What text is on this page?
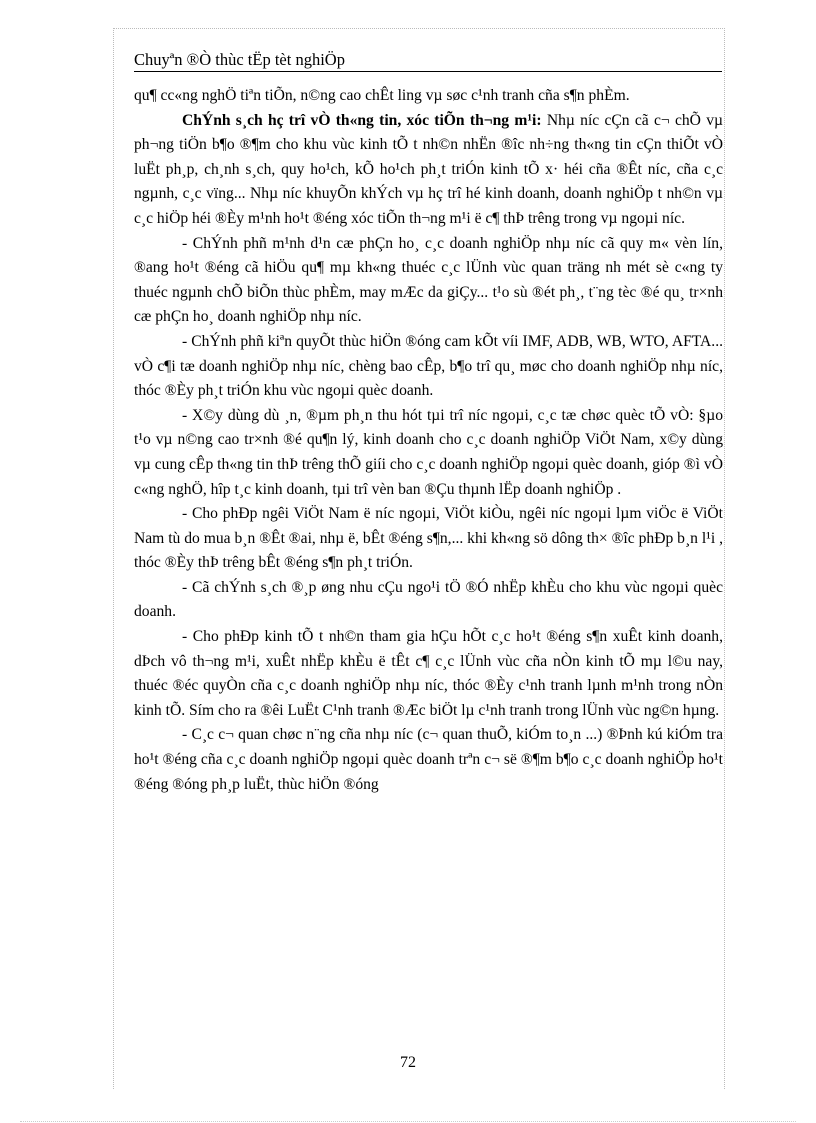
Chuyªn ®Ò thùc tËp tèt nghiÖp

qu¶ cc«ng nghÖ tiªn tiÕn, n©ng cao chÊt ling vµ søc c¹nh tranh cña s¶n phÈm.

ChÝnh s¸ch hç trî vÒ th«ng tin, xóc tiÕn th¬ng m¹i: Nhµ níc cÇn cã c¬ chÕ vµ ph¬ng tiÖn b¶o ®¶m cho khu vùc kinh tÕ t nh©n nhËn ®îc nh÷ng th«ng tin cÇn thiÕt vÒ luËt ph¸p, ch¸nh s¸ch, quy ho¹ch, kÕ ho¹ch ph¸t triÓn kinh tÕ x· héi cña ®Êt níc, cña c¸c ngµnh, c¸c vïng... Nhµ níc khuyÕn khÝch vµ hç trî hé kinh doanh, doanh nghiÖp t nh©n vµ c¸c hiÖp héi ®Èy m¹nh ho¹t ®éng xóc tiÕn th¬ng m¹i ë c¶ thÞ trêng trong vµ ngoµi níc.

- ChÝnh phñ m¹nh d¹n cæ phÇn ho¸ c¸c doanh nghiÖp nhµ níc cã quy m« vèn lín, ®ang ho¹t ®éng cã hiÖu qu¶ mµ kh«ng thuéc c¸c lÜnh vùc quan träng nh mét sè c«ng ty thuéc ngµnh chÕ biÕn thùc phÈm, may mÆc da giÇy... t¹o sù ®ét ph¸, t¨ng tèc ®é qu¸ tr×nh cæ phÇn ho¸ doanh nghiÖp nhµ níc.

- ChÝnh phñ kiªn quyÕt thùc hiÖn ®óng cam kÕt víi IMF, ADB, WB, WTO, AFTA... vÒ c¶i tæ doanh nghiÖp nhµ níc, chèng bao cÊp, b¶o trî qu¸ møc cho doanh nghiÖp nhµ níc, thóc ®Èy ph¸t triÓn khu vùc ngoµi quèc doanh.

- X©y dùng dù ¸n, ®µm ph¸n thu hót tµi trî níc ngoµi, c¸c tæ chøc quèc tÕ vÒ: §µo t¹o vµ n©ng cao tr×nh ®é qu¶n lý, kinh doanh cho c¸c doanh nghiÖp ViÖt Nam, x©y dùng vµ cung cÊp th«ng tin thÞ trêng thÕ giíi cho c¸c doanh nghiÖp ngoµi quèc doanh, gióp ®ì vÒ c«ng nghÖ, hîp t¸c kinh doanh, tµi trî vèn ban ®Çu thµnh lËp doanh nghiÖp .

- Cho phÐp ngêi ViÖt Nam ë níc ngoµi, ViÖt kiÒu, ngêi níc ngoµi lµm viÖc ë ViÖt Nam tù do mua b¸n ®Êt ®ai, nhµ ë, bÊt ®éng s¶n,... khi kh«ng sö dông th× ®îc phÐp b¸n l¹i , thóc ®Èy thÞ trêng bÊt ®éng s¶n ph¸t triÓn.

- Cã chÝnh s¸ch ®¸p øng nhu cÇu ngo¹i tÖ ®Ó nhËp khÈu cho khu vùc ngoµi quèc doanh.

- Cho phÐp kinh tÕ t nh©n tham gia hÇu hÕt c¸c ho¹t ®éng s¶n xuÊt kinh doanh, dÞch vô th¬ng m¹i, xuÊt nhËp khÈu ë tÊt c¶ c¸c lÜnh vùc cña nÒn kinh tÕ mµ l©u nay, thuéc ®éc quyÒn cña c¸c doanh nghiÖp nhµ níc, thóc ®Èy c¹nh tranh lµnh m¹nh trong nÒn kinh tÕ. Sím cho ra ®êi LuËt C¹nh tranh ®Æc biÖt lµ c¹nh tranh trong lÜnh vùc ng©n hµng.

- C¸c c¬ quan chøc n¨ng cña nhµ níc (c¬ quan thuÕ, kiÓm to¸n ...) ®Þnh kú kiÓm tra ho¹t ®éng cña c¸c doanh nghiÖp ngoµi quèc doanh trªn c¬ së ®¶m b¶o c¸c doanh nghiÖp ho¹t ®éng ®óng ph¸p luËt, thùc hiÖn ®óng

72
